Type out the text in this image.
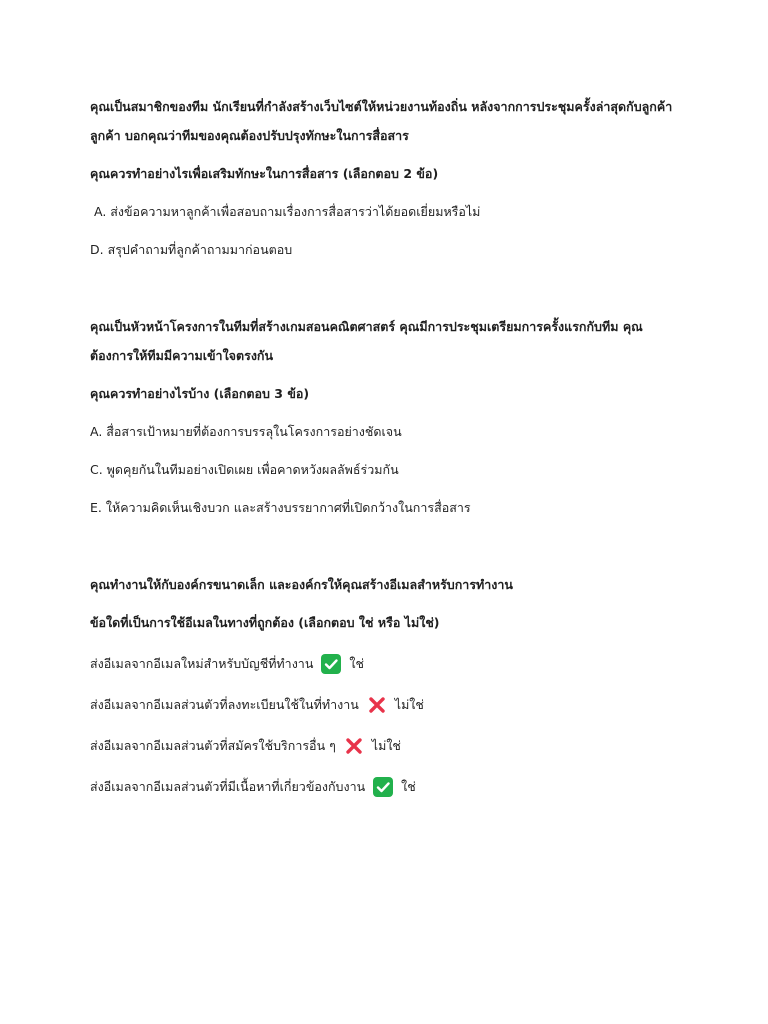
คุณเป็นสมาชิกของทีม นักเรียนที่กำลังสร้างเว็บไซต์ให้หน่วยงานท้องถิ่น หลังจากการประชุมครั้งล่าสุดกับลูกค้า ลูกค้า บอกคุณว่าทีมของคุณต้องปรับปรุงทักษะในการสื่อสาร

คุณควรทำอย่างไรเพื่อเสริมทักษะในการสื่อสาร (เลือกตอบ 2 ข้อ)

A. ส่งข้อความหาลูกค้าเพื่อสอบถามเรื่องการสื่อสารว่าได้ยอดเยี่ยมหรือไม่

D. สรุปคำถามที่ลูกค้าถามมาก่อนตอบ

คุณเป็นหัวหน้าโครงการในทีมที่สร้างเกมสอนคณิตศาสตร์ คุณมีการประชุมเตรียมการครั้งแรกกับทีม คุณต้องการให้ทีมมีความเข้าใจตรงกัน

คุณควรทำอย่างไรบ้าง (เลือกตอบ 3 ข้อ)

A. สื่อสารเป้าหมายที่ต้องการบรรลุในโครงการอย่างชัดเจน

C. พูดคุยกันในทีมอย่างเปิดเผย เพื่อคาดหวังผลลัพธ์ร่วมกัน

E. ให้ความคิดเห็นเชิงบวก และสร้างบรรยากาศที่เปิดกว้างในการสื่อสาร

คุณทำงานให้กับองค์กรขนาดเล็ก และองค์กรให้คุณสร้างอีเมลสำหรับการทำงาน

ข้อใดที่เป็นการใช้อีเมลในทางที่ถูกต้อง (เลือกตอบ ใช่ หรือ ไม่ใช่)

ส่งอีเมลจากอีเมลใหม่สำหรับบัญชีที่ทำงาน	ใช่

ส่งอีเมลจากอีเมลส่วนตัวที่ลงทะเบียนใช้ในที่ทำงาน	ไม่ใช่

ส่งอีเมลจากอีเมลส่วนตัวที่สมัครใช้บริการอื่น ๆ	ไม่ใช่

ส่งอีเมลจากอีเมลส่วนตัวที่มีเนื้อหาที่เกี่ยวข้องกับงาน	ใช่
